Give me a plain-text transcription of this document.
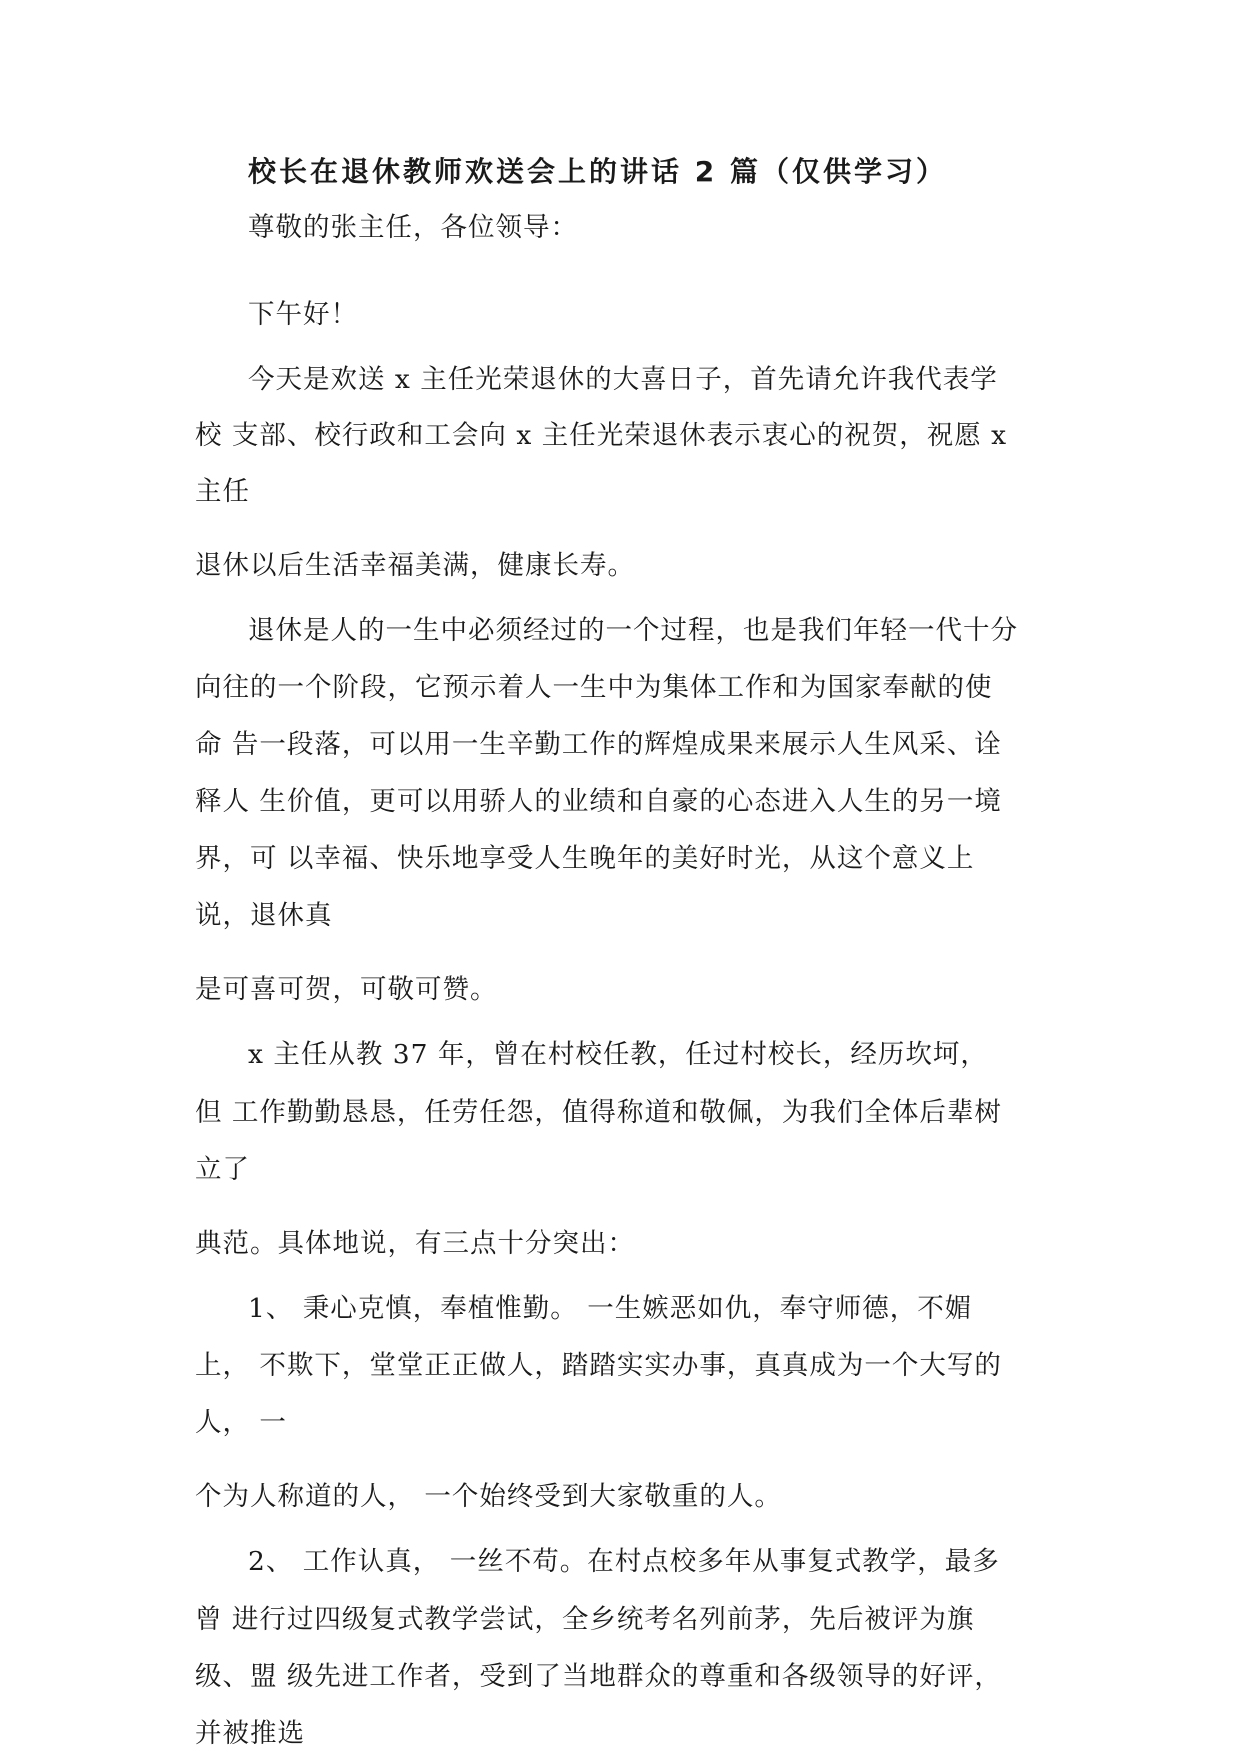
校长在退休教师欢送会上的讲话 2 篇（仅供学习）
尊敬的张主任，各位领导：
下午好！
今天是欢送 x 主任光荣退休的大喜日子，首先请允许我代表学
校 支部、校行政和工会向 x 主任光荣退休表示衷心的祝贺，祝愿 x
主任
退休以后生活幸福美满，健康长寿。
退休是人的一生中必须经过的一个过程，也是我们年轻一代十分
向往的一个阶段，它预示着人一生中为集体工作和为国家奉献的使
命 告一段落，可以用一生辛勤工作的辉煌成果来展示人生风采、诠
释人 生价值，更可以用骄人的业绩和自豪的心态进入人生的另一境
界，可 以幸福、快乐地享受人生晚年的美好时光，从这个意义上
说，退休真
是可喜可贺，可敬可赞。
x 主任从教 37 年，曾在村校任教，任过村校长，经历坎坷，
但 工作勤勤恳恳，任劳任怨，值得称道和敬佩，为我们全体后辈树
立了
典范。具体地说，有三点十分突出：
1、 秉心克慎，奉植惟勤。 一生嫉恶如仇，奉守师德，不媚
上， 不欺下，堂堂正正做人，踏踏实实办事，真真成为一个大写的
人， 一
个为人称道的人， 一个始终受到大家敬重的人。
2、 工作认真， 一丝不苟。在村点校多年从事复式教学，最多
曾 进行过四级复式教学尝试，全乡统考名列前茅，先后被评为旗
级、盟 级先进工作者，受到了当地群众的尊重和各级领导的好评，
并被推选
